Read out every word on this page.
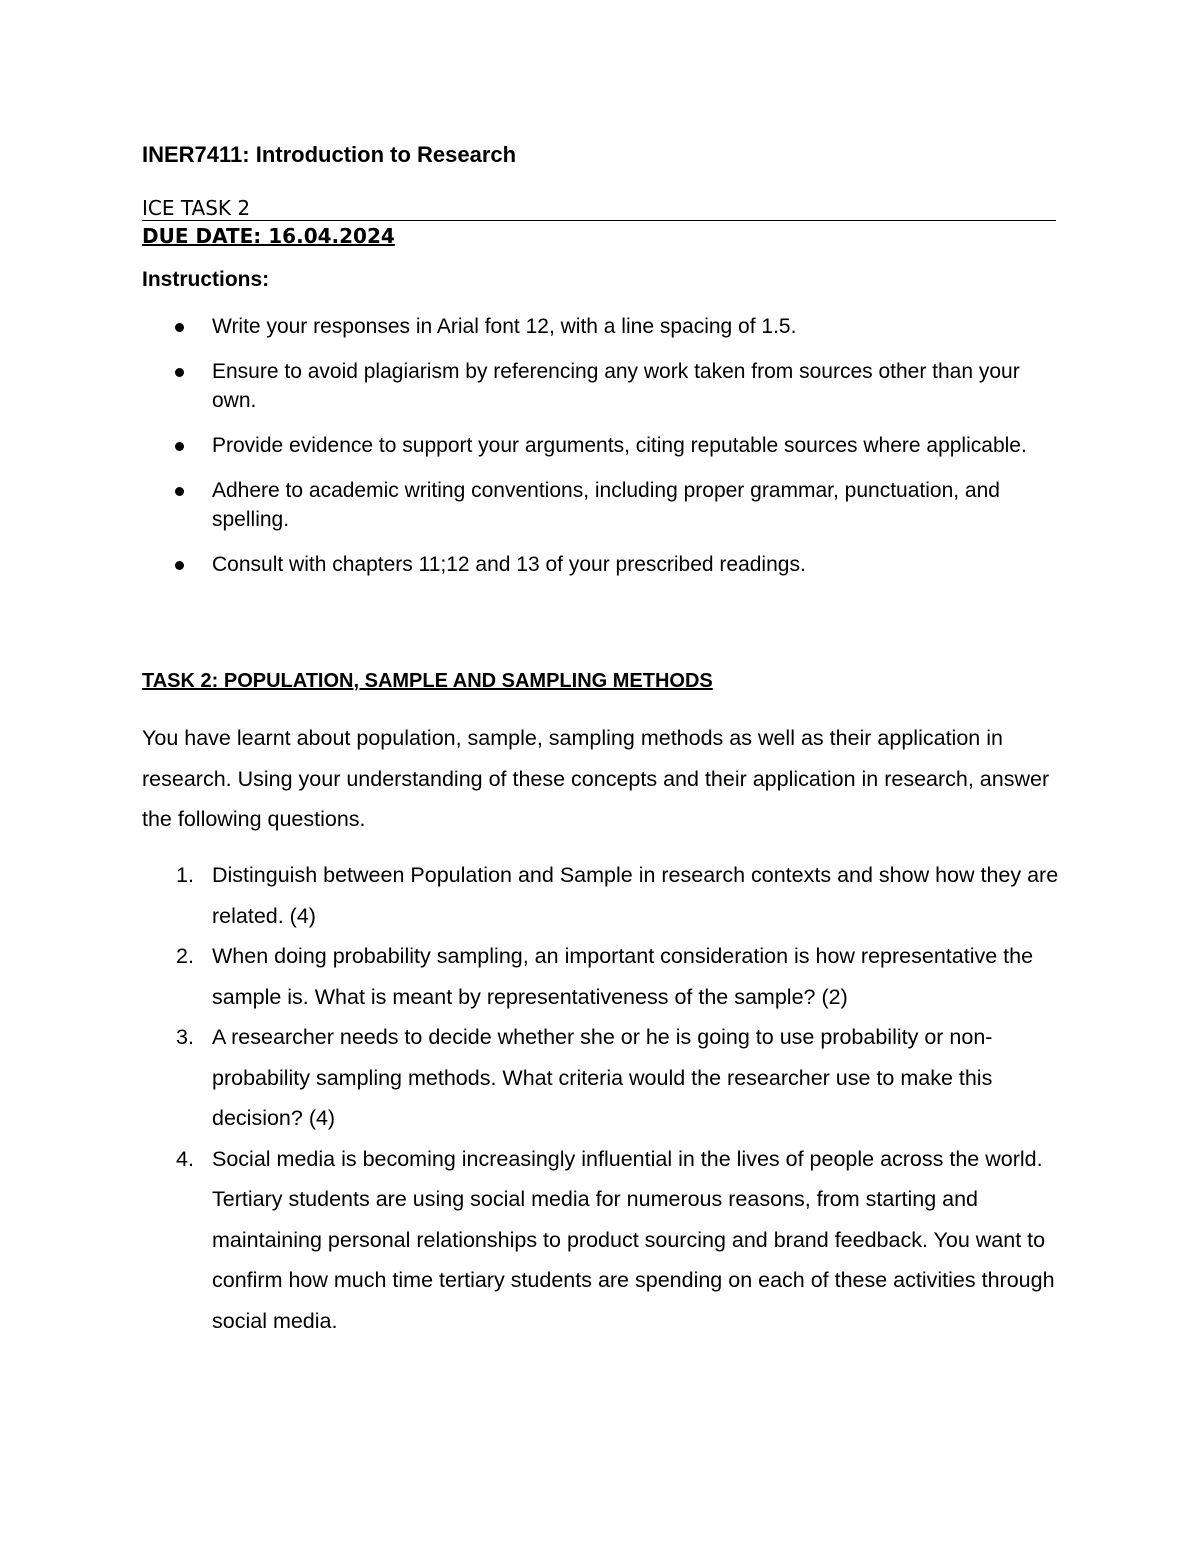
INER7411: Introduction to Research
ICE TASK 2
DUE DATE: 16.04.2024
Instructions:
Write your responses in Arial font 12, with a line spacing of 1.5.
Ensure to avoid plagiarism by referencing any work taken from sources other than your own.
Provide evidence to support your arguments, citing reputable sources where applicable.
Adhere to academic writing conventions, including proper grammar, punctuation, and spelling.
Consult with chapters 11;12 and 13 of your prescribed readings.
TASK 2: POPULATION, SAMPLE AND SAMPLING METHODS

You have learnt about population, sample, sampling methods as well as their application in research. Using your understanding of these concepts and their application in research, answer the following questions.

1. Distinguish between Population and Sample in research contexts and show how they are related. (4)
2. When doing probability sampling, an important consideration is how representative the sample is. What is meant by representativeness of the sample? (2)
3. A researcher needs to decide whether she or he is going to use probability or non-probability sampling methods. What criteria would the researcher use to make this decision? (4)
4. Social media is becoming increasingly influential in the lives of people across the world. Tertiary students are using social media for numerous reasons, from starting and maintaining personal relationships to product sourcing and brand feedback. You want to confirm how much time tertiary students are spending on each of these activities through social media.
